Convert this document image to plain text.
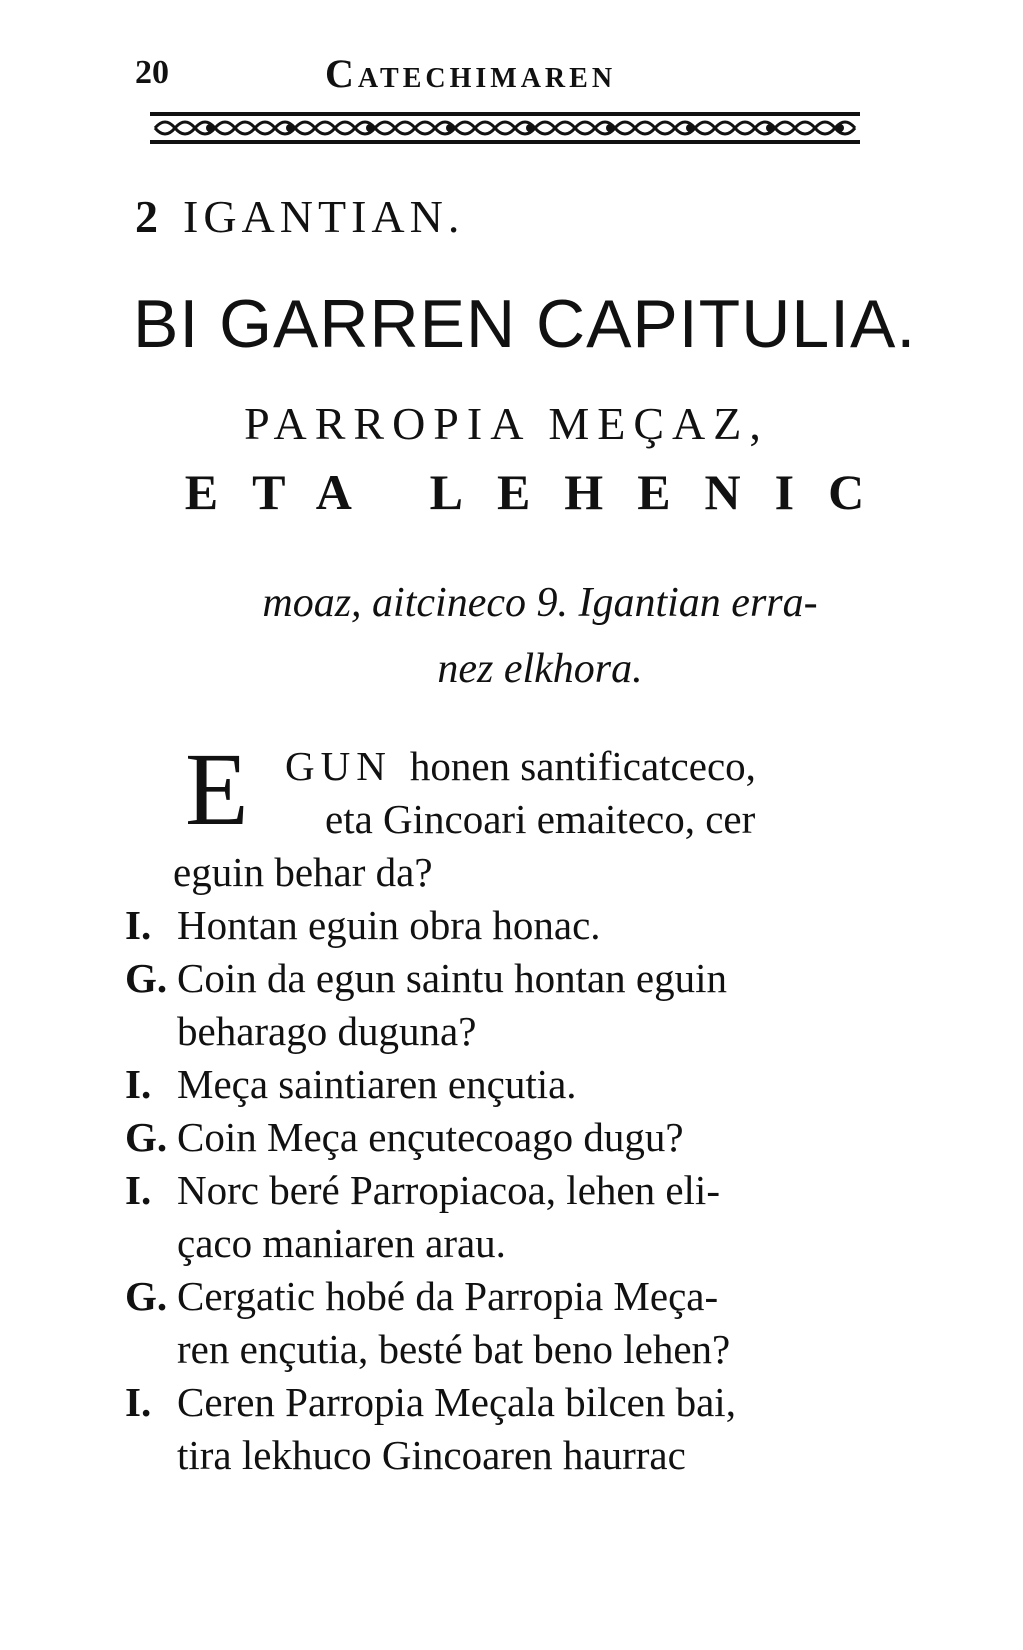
20	Catechimaren
2 IGANTIAN.
BI GARREN CAPITULIA.
PARROPIA MEÇAZ,
ETA LEHENIC
moaz, aitcineco 9. Igantian erra-
nez elkhora.
E GUN honen santificatceco,
eta Gincoari emaiteco, cer
eguin behar da?
I. Hontan eguin obra honac.
G. Coin da egun saintu hontan eguin
beharago duguna?
I. Meça saintiaren ençutia.
G. Coin Meça ençutecoago dugu?
I. Norc beré Parropiacoa, lehen eli-
çaco maniaren arau.
G. Cergatic hobé da Parropia Meça-
ren ençutia, besté bat beno lehen?
I. Ceren Parropia Meçala bilcen bai,
tira lekhuco Gincoaren haurrac
